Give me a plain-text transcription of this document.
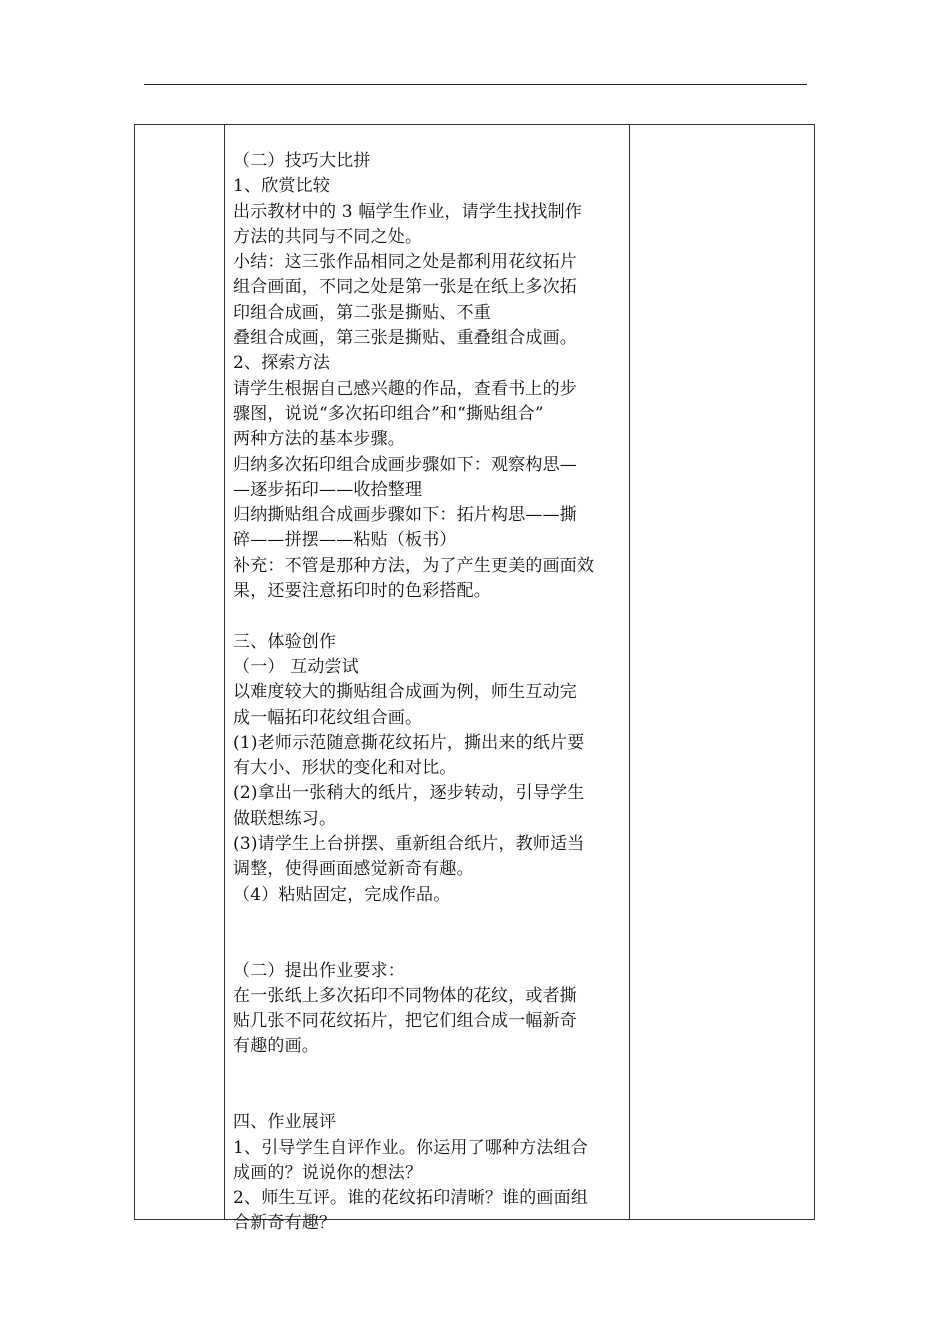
（二）技巧大比拼
1、欣赏比较
出示教材中的 3 幅学生作业，请学生找找制作
方法的共同与不同之处。
小结：这三张作品相同之处是都利用花纹拓片
组合画面，不同之处是第一张是在纸上多次拓
印组合成画，第二张是撕贴、不重
叠组合成画，第三张是撕贴、重叠组合成画。
2、探索方法
请学生根据自己感兴趣的作品，查看书上的步
骤图，说说“多次拓印组合”和“撕贴组合”
两种方法的基本步骤。
归纳多次拓印组合成画步骤如下：观察构思—
—逐步拓印——收拾整理
归纳撕贴组合成画步骤如下：拓片构思——撕
碎——拼摆——粘贴（板书）
补充：不管是那种方法，为了产生更美的画面效
果，还要注意拓印时的色彩搭配。
三、体验创作
（一） 互动尝试
以难度较大的撕贴组合成画为例，师生互动完
成一幅拓印花纹组合画。
(1)老师示范随意撕花纹拓片，撕出来的纸片要
有大小、形状的变化和对比。
(2)拿出一张稍大的纸片，逐步转动，引导学生
做联想练习。
(3)请学生上台拼摆、重新组合纸片，教师适当
调整，使得画面感觉新奇有趣。
（4）粘贴固定，完成作品。
（二）提出作业要求：
在一张纸上多次拓印不同物体的花纹，或者撕
贴几张不同花纹拓片，把它们组合成一幅新奇
有趣的画。
四、作业展评
1、引导学生自评作业。你运用了哪种方法组合
成画的？说说你的想法？
2、师生互评。谁的花纹拓印清晰？谁的画面组
合新奇有趣？
